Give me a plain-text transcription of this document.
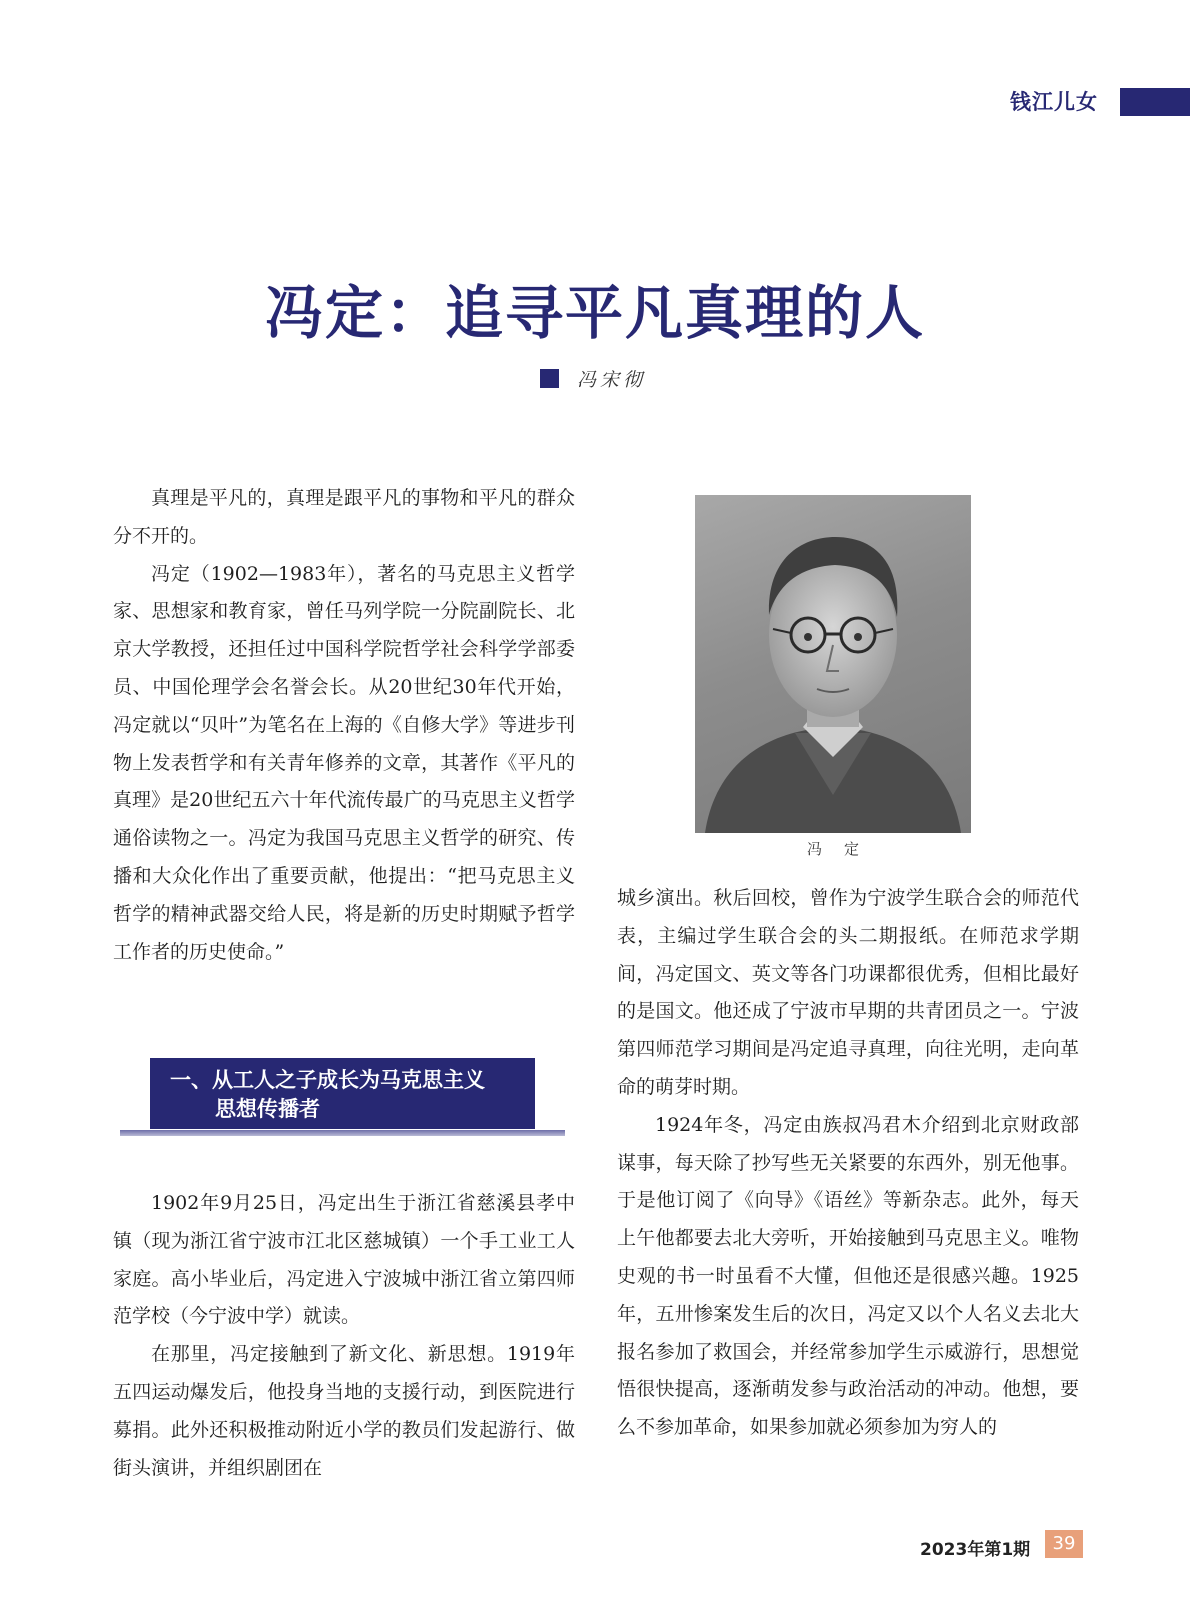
钱江儿女
冯定：追寻平凡真理的人
冯宋彻

真理是平凡的，真理是跟平凡的事物和平凡的群众分不开的。

冯定（1902—1983年），著名的马克思主义哲学家、思想家和教育家，曾任马列学院一分院副院长、北京大学教授，还担任过中国科学院哲学社会科学学部委员、中国伦理学会名誉会长。从20世纪30年代开始，冯定就以“贝叶”为笔名在上海的《自修大学》等进步刊物上发表哲学和有关青年修养的文章，其著作《平凡的真理》是20世纪五六十年代流传最广的马克思主义哲学通俗读物之一。冯定为我国马克思主义哲学的研究、传播和大众化作出了重要贡献，他提出：“把马克思主义哲学的精神武器交给人民，将是新的历史时期赋予哲学工作者的历史使命。”

冯定
一、从工人之子成长为马克思主义
思想传播者

1902年9月25日，冯定出生于浙江省慈溪县孝中镇（现为浙江省宁波市江北区慈城镇）一个手工业工人家庭。高小毕业后，冯定进入宁波城中浙江省立第四师范学校（今宁波中学）就读。

在那里，冯定接触到了新文化、新思想。1919年五四运动爆发后，他投身当地的支援行动，到医院进行募捐。此外还积极推动附近小学的教员们发起游行、做街头演讲，并组织剧团在

城乡演出。秋后回校，曾作为宁波学生联合会的师范代表，主编过学生联合会的头二期报纸。在师范求学期间，冯定国文、英文等各门功课都很优秀，但相比最好的是国文。他还成了宁波市早期的共青团员之一。宁波第四师范学习期间是冯定追寻真理，向往光明，走向革命的萌芽时期。

1924年冬，冯定由族叔冯君木介绍到北京财政部谋事，每天除了抄写些无关紧要的东西外，别无他事。于是他订阅了《向导》《语丝》等新杂志。此外，每天上午他都要去北大旁听，开始接触到马克思主义。唯物史观的书一时虽看不大懂，但他还是很感兴趣。1925年，五卅惨案发生后的次日，冯定又以个人名义去北大报名参加了救国会，并经常参加学生示威游行，思想觉悟很快提高，逐渐萌发参与政治活动的冲动。他想，要么不参加革命，如果参加就必须参加为穷人的

2023年第1期	39
